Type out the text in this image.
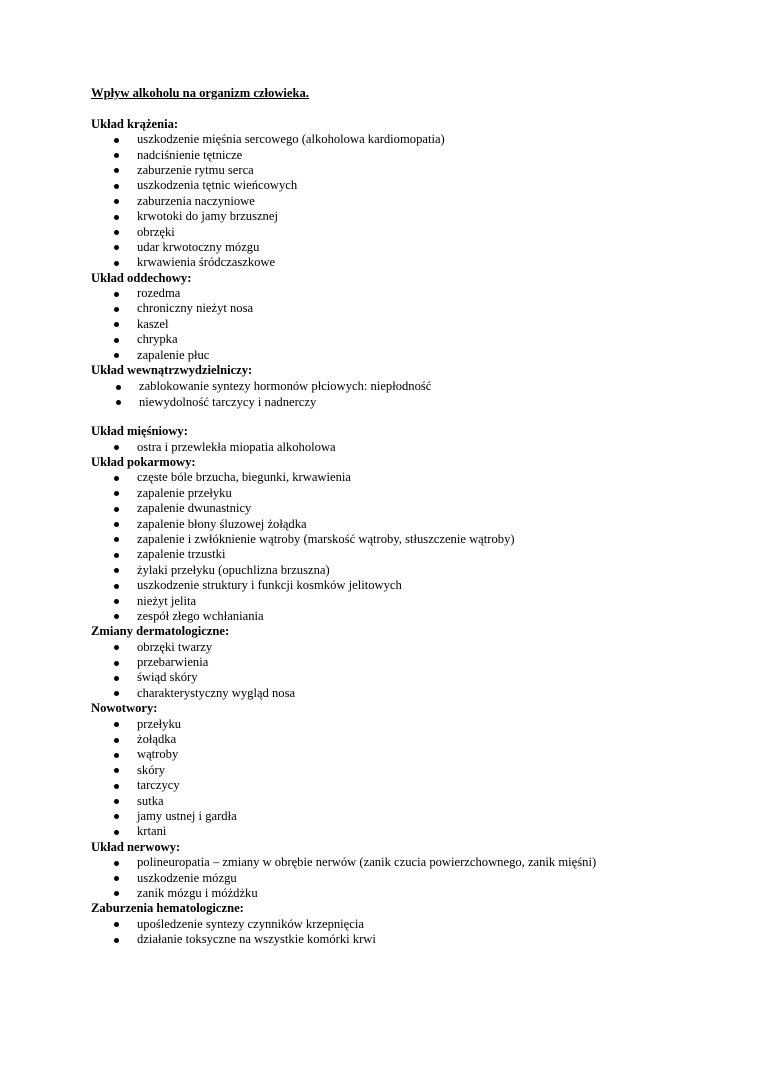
Wpływ alkoholu na organizm człowieka.
Układ krążenia:
uszkodzenie mięśnia sercowego (alkoholowa kardiomopatia)
nadciśnienie tętnicze
zaburzenie rytmu serca
uszkodzenia tętnic wieńcowych
zaburzenia naczyniowe
krwotoki do jamy brzusznej
obrzęki
udar krwotoczny mózgu
krwawienia śródczaszkowe
Układ oddechowy:
rozedma
chroniczny nieżyt nosa
kaszel
chrypka
zapalenie płuc
Układ wewnątrzwydzielniczy:
zablokowanie syntezy hormonów płciowych: niepłodność
niewydolność tarczycy i nadnerczy
Układ mięśniowy:
ostra i przewlekła miopatia alkoholowa
Układ pokarmowy:
częste bóle brzucha, biegunki, krwawienia
zapalenie przełyku
zapalenie dwunastnicy
zapalenie błony śluzowej żołądka
zapalenie i zwłóknienie wątroby (marskość wątroby, stłuszczenie wątroby)
zapalenie trzustki
żylaki przełyku (opuchlizna brzuszna)
uszkodzenie struktury i funkcji kosmków jelitowych
nieżyt jelita
zespół złego wchłaniania
Zmiany dermatologiczne:
obrzęki twarzy
przebarwienia
świąd skóry
charakterystyczny wygląd nosa
Nowotwory:
przełyku
żołądka
wątroby
skóry
tarczycy
sutka
jamy ustnej i gardła
krtani
Układ nerwowy:
polineuropatia – zmiany w obrębie nerwów (zanik czucia powierzchownego, zanik mięśni)
uszkodzenie mózgu
zanik mózgu i móżdżku
Zaburzenia hematologiczne:
upośledzenie syntezy czynników krzepnięcia
działanie toksyczne na wszystkie komórki krwi
